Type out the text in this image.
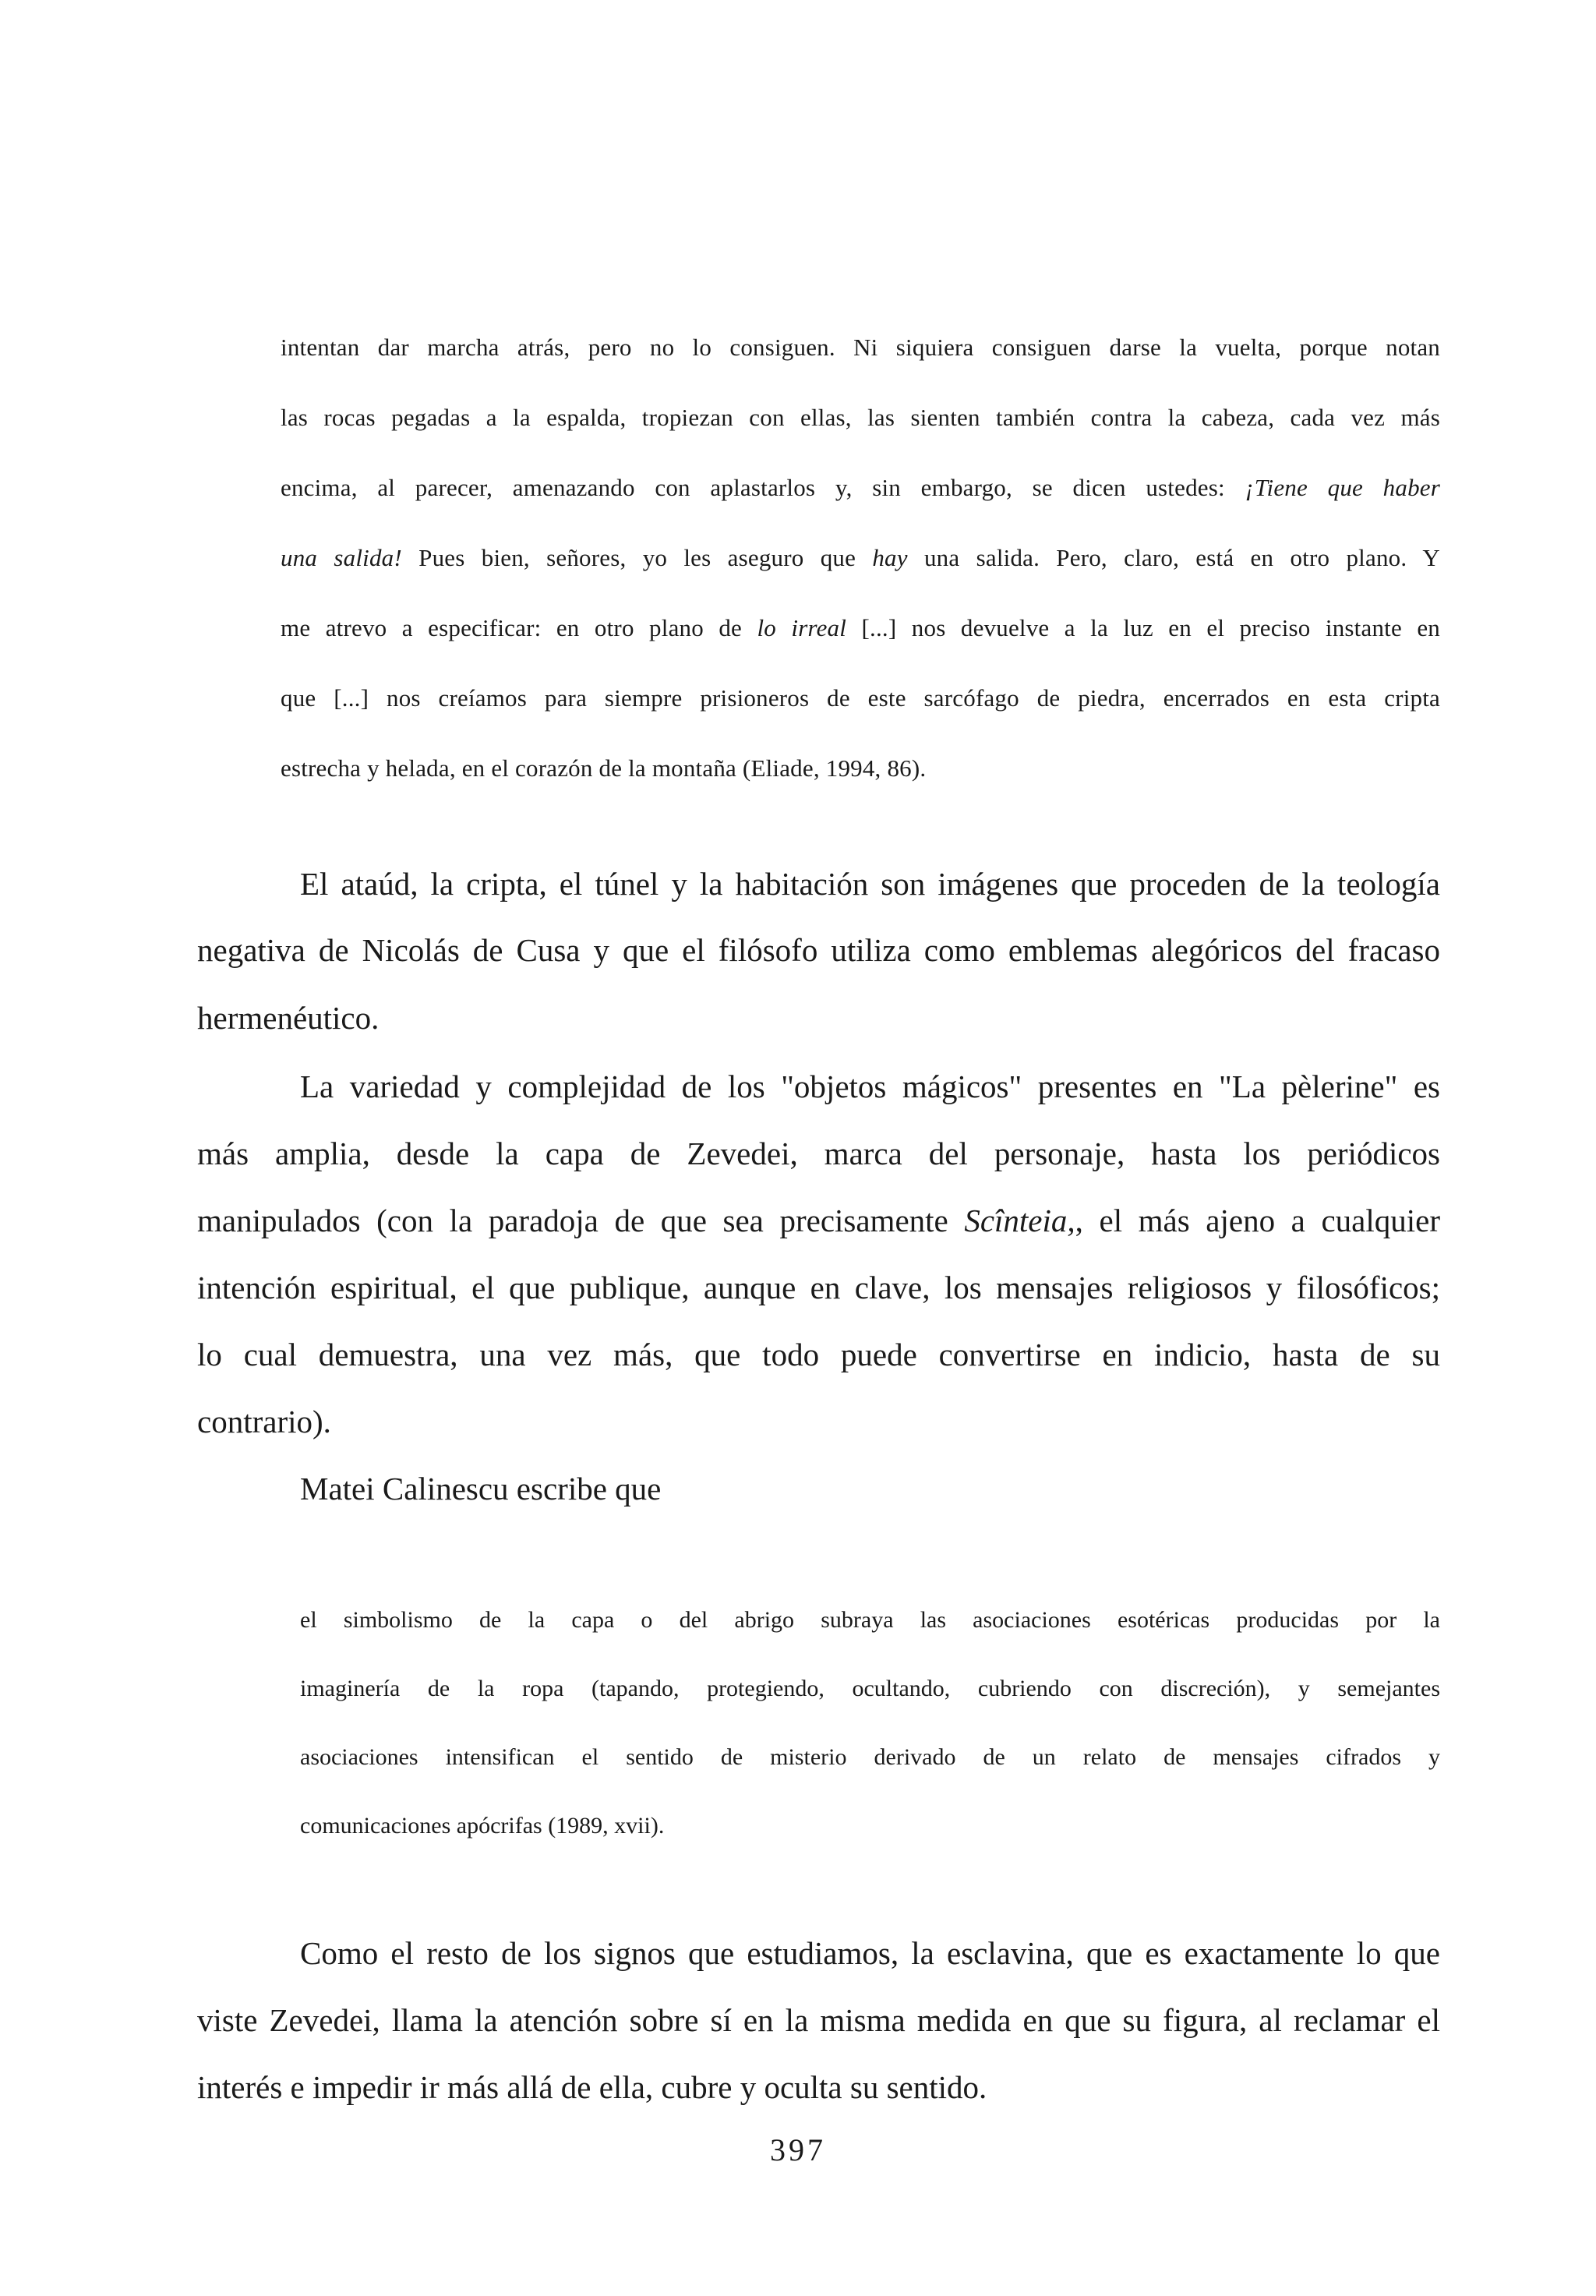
intentan dar marcha atrás, pero no lo consiguen. Ni siquiera consiguen darse la vuelta, porque notan
las rocas pegadas a la espalda, tropiezan con ellas, las sienten también contra la cabeza, cada vez más
encima, al parecer, amenazando con aplastarlos y, sin embargo, se dicen ustedes: ¡Tiene que haber
una salida! Pues bien, señores, yo les aseguro que hay una salida. Pero, claro, está en otro plano. Y
me atrevo a especificar: en otro plano de lo irreal [...] nos devuelve a la luz en el preciso instante en
que [...] nos creíamos para siempre prisioneros de este sarcófago de piedra, encerrados en esta cripta
estrecha y helada, en el corazón de la montaña (Eliade, 1994, 86).
El ataúd, la cripta, el túnel y la habitación son imágenes que proceden de la teología
negativa de Nicolás de Cusa y que el filósofo utiliza como emblemas alegóricos del fracaso
hermenéutico.
La variedad y complejidad de los "objetos mágicos" presentes en "La pèlerine" es
más amplia, desde la capa de Zevedei, marca del personaje, hasta los periódicos
manipulados (con la paradoja de que sea precisamente Scînteia,, el más ajeno a cualquier
intención espiritual, el que publique, aunque en clave, los mensajes religiosos y filosóficos;
lo cual demuestra, una vez más, que todo puede convertirse en indicio, hasta de su
contrario).
Matei Calinescu escribe que
el simbolismo de la capa o del abrigo subraya las asociaciones esotéricas producidas por la
imaginería de la ropa (tapando, protegiendo, ocultando, cubriendo con discreción), y semejantes
asociaciones intensifican el sentido de misterio derivado de un relato de mensajes cifrados y
comunicaciones apócrifas (1989, xvii).
Como el resto de los signos que estudiamos, la esclavina, que es exactamente lo que
viste Zevedei, llama la atención sobre sí en la misma medida en que su figura, al reclamar el
interés e impedir ir más allá de ella, cubre y oculta su sentido.
397
